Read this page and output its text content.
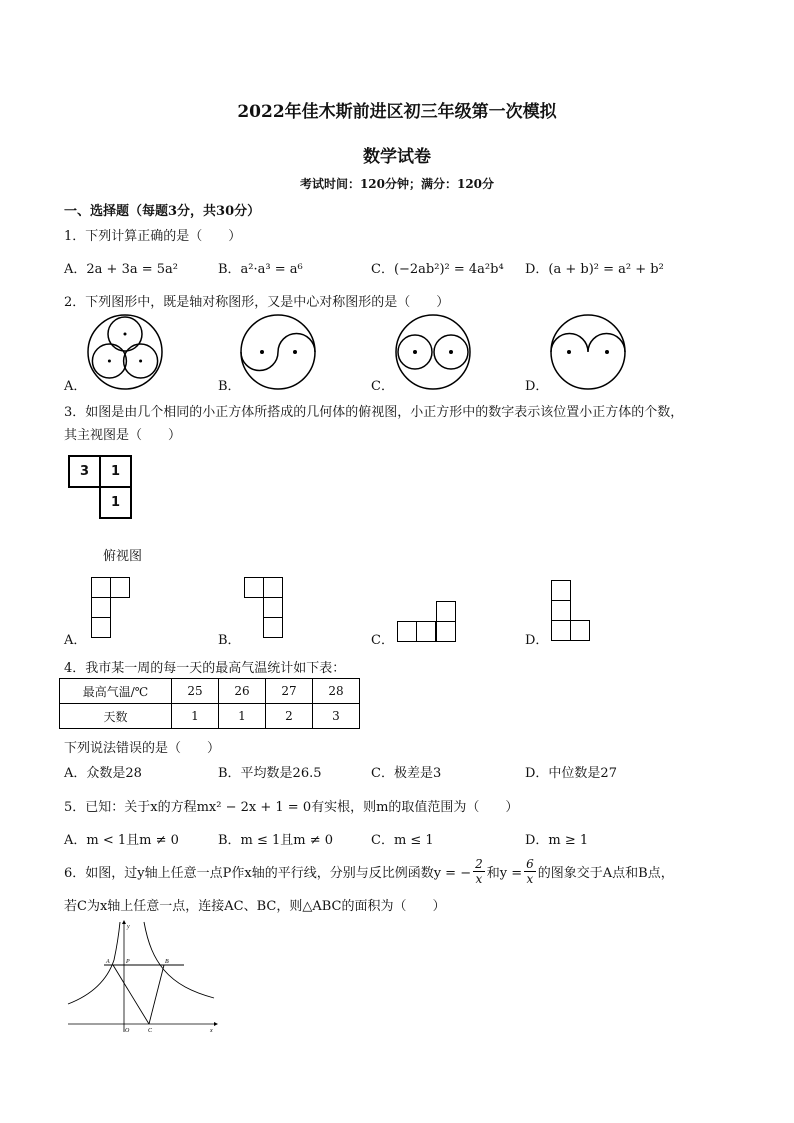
2022年佳木斯前进区初三年级第一次模拟
数学试卷
考试时间：120分钟；满分：120分
一、选择题（每题3分，共30分）
1．下列计算正确的是（　　）
A．2a + 3a = 5a²	B．a²·a³ = a⁶	C．(−2ab²)² = 4a²b⁴ D．(a + b)² = a² + b²
2．下列图形中，既是轴对称图形，又是中心对称图形的是（　　）
A．	B．	C．	D．
3．如图是由几个相同的小正方体所搭成的几何体的俯视图，小正方形中的数字表示该位置小正方体的个数，
其主视图是（　　）
3	1
1
俯视图
A．	B．	C．	D．
4．我市某一周的每一天的最高气温统计如下表：
最高气温/℃	25	26	27	28
天数	1	1	2	3
下列说法错误的是（　　）
A．众数是28	B．平均数是26.5	C．极差是3	D．中位数是27
5．已知：关于x的方程mx² − 2x + 1 = 0有实根，则m的取值范围为（　　）
A．m < 1且m ≠ 0	B．m ≤ 1且m ≠ 0	C．m ≤ 1	D．m ≥ 1
6．如图，过y轴上任意一点P作x轴的平行线，分别与反比例函数y = − $\frac{2}{x}$ 和$y = \frac{6}{x}$ 的图象交于A点和B点，
若C为x轴上任意一点，连接AC、BC，则△ABC的面积为（　　）
A	P	B
O	C
y
x
